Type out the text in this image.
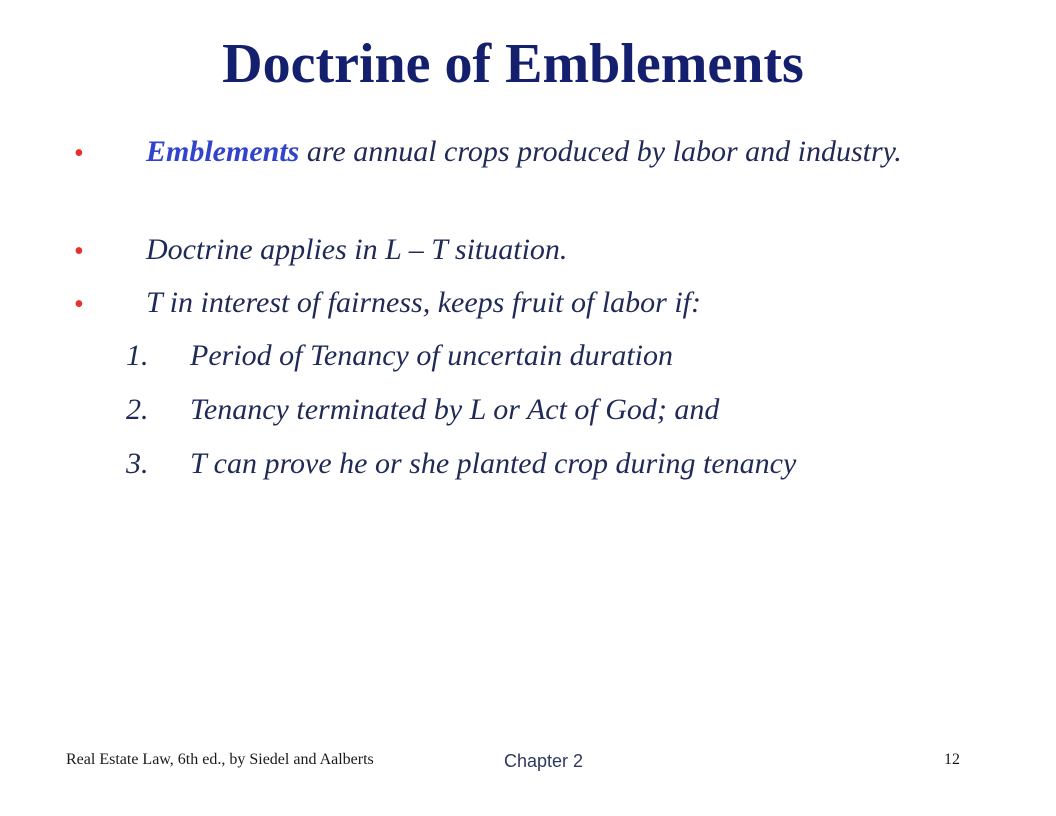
Doctrine of Emblements
• Emblements are annual crops produced by labor and industry.
• Doctrine applies in L – T situation.
• T in interest of fairness, keeps fruit of labor if:
1. Period of Tenancy of uncertain duration
2. Tenancy terminated by L or Act of God; and
3. T can prove he or she planted crop during tenancy
Real Estate Law, 6th ed., by Siedel and Aalberts	Chapter 2	12
